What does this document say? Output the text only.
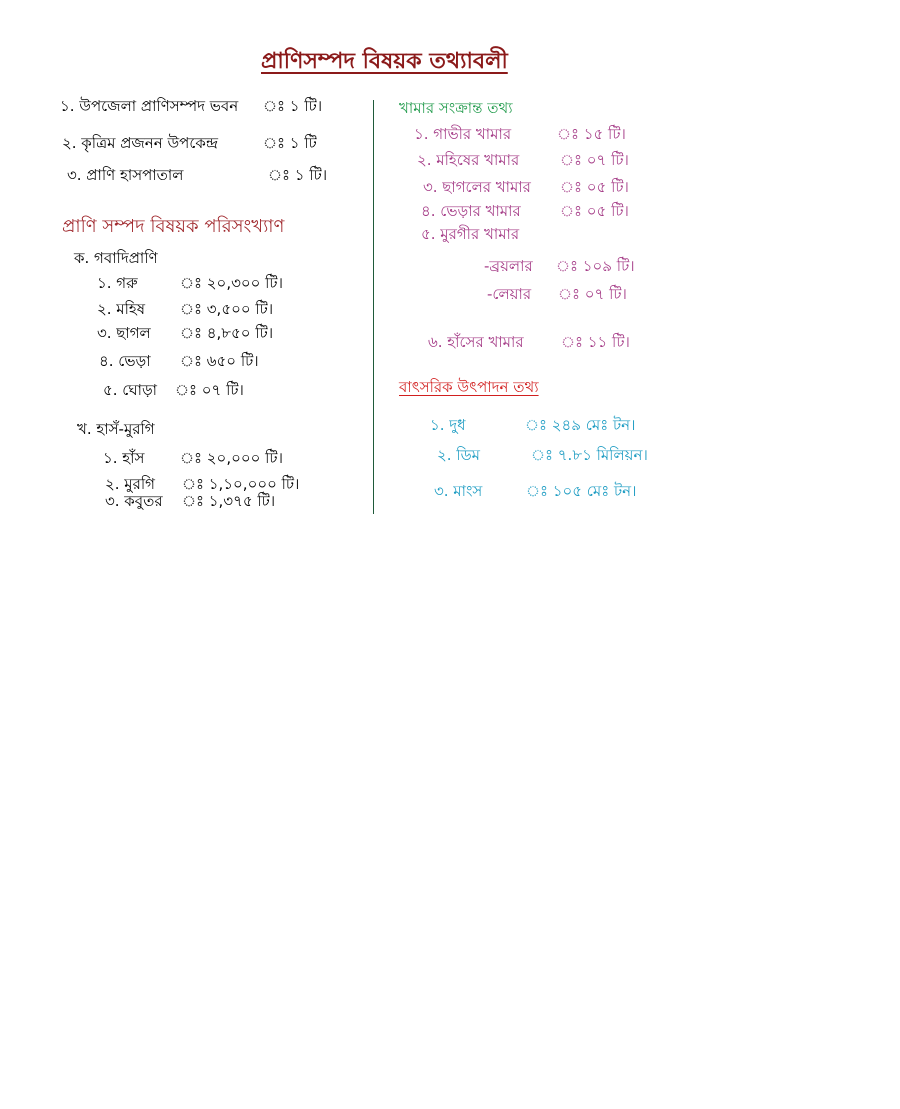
প্রাণিসম্পদ বিষয়ক তথ্যাবলী
১. উপজেলা প্রাণিসম্পদ ভবন ঃ ১ টি।
২. কৃত্রিম প্রজনন উপকেন্দ্র	ঃ ১ টি
৩. প্রাণি হাসপাতাল	ঃ ১ টি।
প্রাণি সম্পদ বিষয়ক পরিসংখ্যাণ
ক. গবাদিপ্রাণি
১. গরু	ঃ ২০,৩০০ টি।
২. মহিষ ঃ ৩,৫০০ টি।
৩. ছাগল ঃ ৪,৮৫০ টি।
৪. ভেড়া ঃ ৬৫০ টি।
৫. ঘোড়া ঃ ০৭ টি।
খ. হাসঁ-মুরগি
১. হাঁস ঃ ২০,০০০ টি।
২. মুরগি ঃ ১,১০,০০০ টি।
৩. কবুতর ঃ ১,৩৭৫ টি।
খামার সংক্রান্ত তথ্য
১. গাভীর খামার	ঃ ১৫ টি।
২. মহিষের খামার	ঃ ০৭ টি।
৩. ছাগলের খামার ঃ ০৫ টি।
৪. ভেড়ার খামার	ঃ ০৫ টি।
৫. মুরগীর খামার
-ব্রয়লার ঃ ১০৯ টি।
-লেয়ার ঃ ০৭ টি।
৬. হাঁসের খামার ঃ ১১ টি।
বাৎসরিক উৎপাদন তথ্য
১. দুধ	ঃ ২৪৯ মেঃ টন।
২. ডিম	ঃ ৭.৮১ মিলিয়ন।
৩. মাংস	ঃ ১০৫ মেঃ টন।
